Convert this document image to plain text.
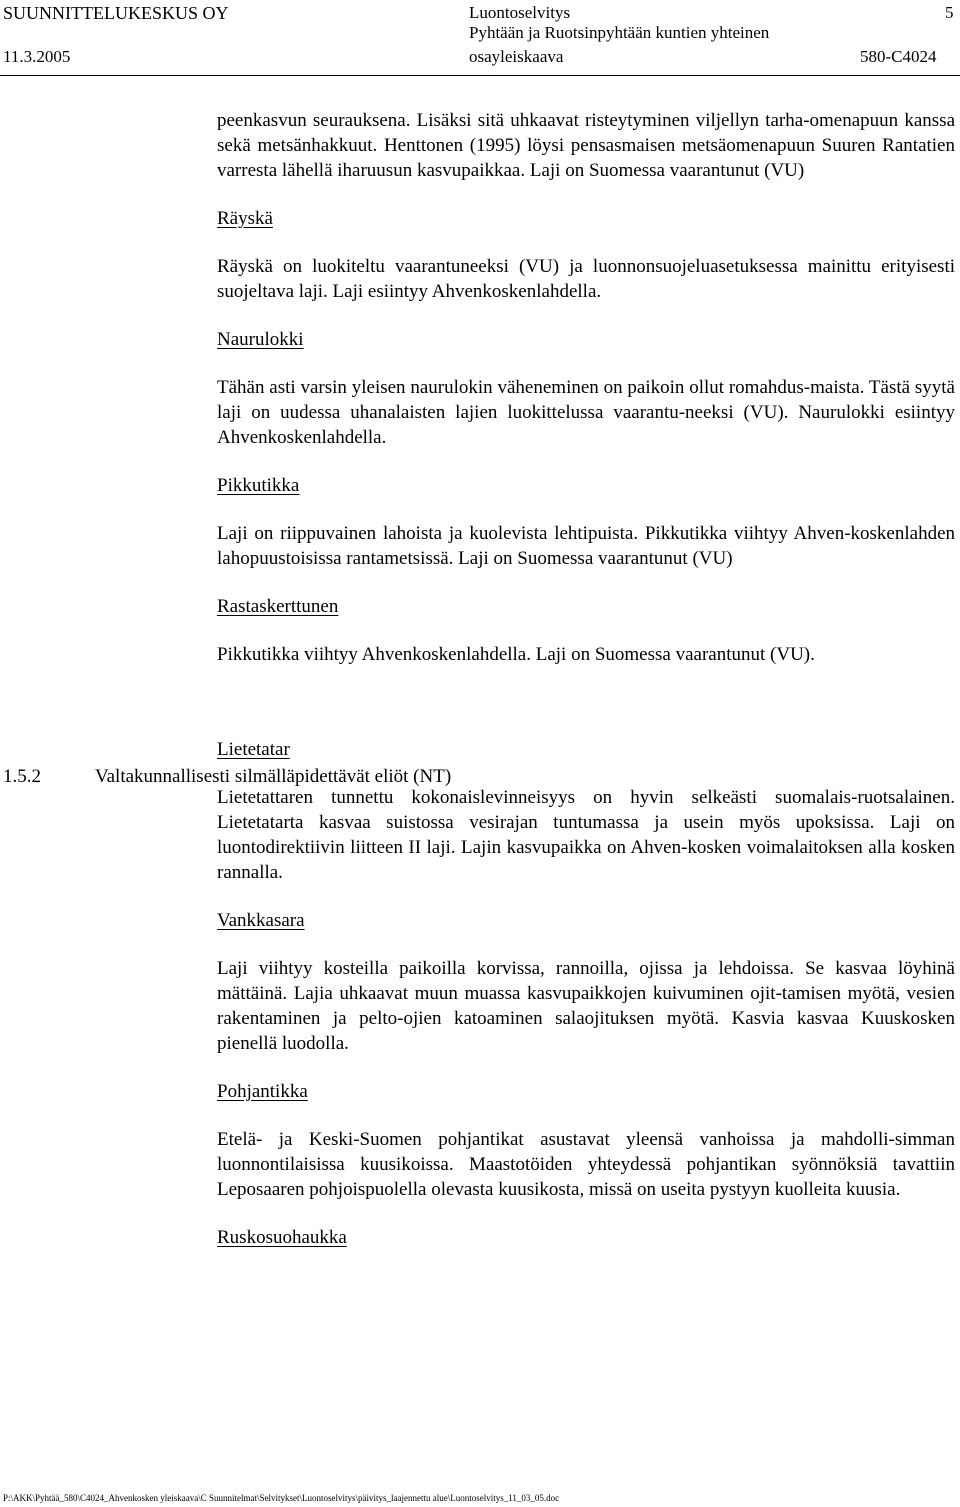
SUUNNITTELUKESKUS OY
11.3.2005
Luontoselvitys
Pyhtään ja Ruotsinpyhtään kuntien yhteinen
osayleiskaava
5
580-C4024

peenkasvun seurauksena. Lisäksi sitä uhkaavat risteytyminen viljellyn tarha-omenapuun kanssa sekä metsänhakkuut. Henttonen (1995) löysi pensasmaisen metsäomenapuun Suuren Rantatien varresta lähellä iharuusun kasvupaikkaa. Laji on Suomessa vaarantunut (VU)

Räyskä

Räyskä on luokiteltu vaarantuneeksi (VU) ja luonnonsuojeluasetuksessa mainittu erityisesti suojeltava laji. Laji esiintyy Ahvenkoskenlahdella.

Naurulokki

Tähän asti varsin yleisen naurulokin väheneminen on paikoin ollut romahdus-maista. Tästä syytä laji on uudessa uhanalaisten lajien luokittelussa vaarantu-neeksi (VU). Naurulokki esiintyy Ahvenkoskenlahdella.

Pikkutikka

Laji on riippuvainen lahoista ja kuolevista lehtipuista. Pikkutikka viihtyy Ahven-koskenlahden lahopuustoisissa rantametsissä. Laji on Suomessa vaarantunut (VU)

Rastaskerttunen

Pikkutikka viihtyy Ahvenkoskenlahdella. Laji on Suomessa vaarantunut (VU).

Lietetatar

Lietetattaren tunnettu kokonaislevinneisyys on hyvin selkeästi suomalais-ruotsalainen. Lietetatarta kasvaa suistossa vesirajan tuntumassa ja usein myös upoksissa. Laji on luontodirektiivin liitteen II laji. Lajin kasvupaikka on Ahven-kosken voimalaitoksen alla kosken rannalla.

Vankkasara

Laji viihtyy kosteilla paikoilla korvissa, rannoilla, ojissa ja lehdoissa. Se kasvaa löyhinä mättäinä. Lajia uhkaavat muun muassa kasvupaikkojen kuivuminen ojit-tamisen myötä, vesien rakentaminen ja pelto-ojien katoaminen salaojituksen myötä. Kasvia kasvaa Kuuskosken pienellä luodolla.

Pohjantikka

Etelä- ja Keski-Suomen pohjantikat asustavat yleensä vanhoissa ja mahdolli-simman luonnontilaisissa kuusikoissa. Maastotöiden yhteydessä pohjantikan syönnöksiä tavattiin Leposaaren pohjoispuolella olevasta kuusikosta, missä on useita pystyyn kuolleita kuusia.

Ruskosuohaukka

1.5.2	Valtakunnallisesti silmälläpidettävät eliöt (NT)
P:\AKK\Pyhtää_580\C4024_Ahvenkosken yleiskaava\C Suunnitelmat\Selvitykset\Luontoselvitys\päivitys_laajennettu alue\Luontoselvitys_11_03_05.doc
